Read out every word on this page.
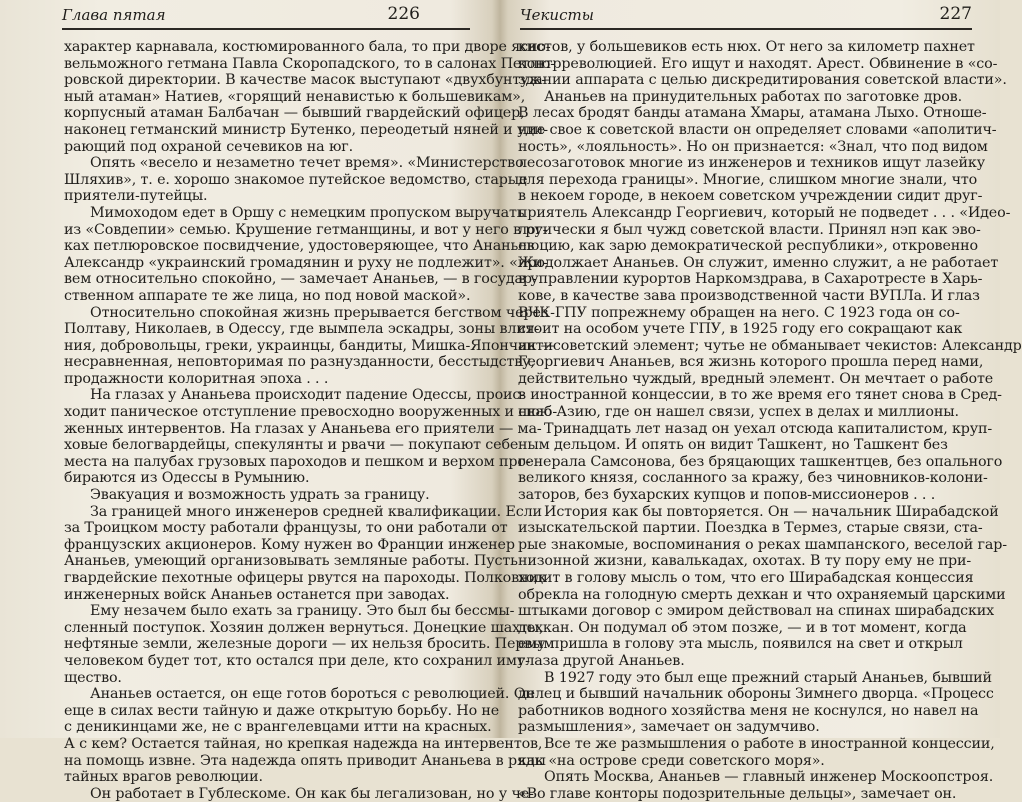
Глава пятая	226
характер карнавала, костюмированного бала, то при дворе ясно-
вельможного гетмана Павла Скоропадского, то в салонах Петлю-
ровской директории. В качестве масок выступают «двухбунтуж-
ный атаман» Натиев, «горящий ненавистью к большевикам»,
корпусный атаман Балбачан — бывший гвардейский офицер,
наконец гетманский министр Бутенко, переодетый няней и уди-
рающий под охраной сечевиков на юг.
Опять «весело и незаметно течет время». «Министерство
Шляхив», т. е. хорошо знакомое путейское ведомство, старые
приятели-путейцы.
Мимоходом едет в Оршу с немецким пропуском выручать
из «Совдепии» семью. Крушение гетманщины, и вот у него в ру-
ках петлюровское посвидчение, удостоверяющее, что Ананьев
Александр «украинский громадянин и руху не подлежит». «Жи-
вем относительно спокойно, — замечает Ананьев, — в государ-
ственном аппарате те же лица, но под новой маской».
Относительно спокойная жизнь прерывается бегством через
Полтаву, Николаев, в Одессу, где вымпела эскадры, зоны влия-
ния, добровольцы, греки, украинцы, бандиты, Мишка-Япончик —
несравненная, неповторимая по разнузданности, бесстыдству,
продажности колоритная эпоха . . .
На глазах у Ананьева происходит падение Одессы, проис-
ходит паническое отступление превосходно вооруженных и снаб-
женных интервентов. На глазах у Ананьева его приятели — ма-
ховые белогвардейцы, спекулянты и рвачи — покупают себе
места на палубах грузовых пароходов и пешком и верхом про-
бираются из Одессы в Румынию.
Эвакуация и возможность удрать за границу.
За границей много инженеров средней квалификации. Если
за Троицком мосту работали французы, то они работали от
французских акционеров. Кому нужен во Франции инженер
Ананьев, умеющий организовывать земляные работы. Пусть
гвардейские пехотные офицеры рвутся на пароходы. Полковник
инженерных войск Ананьев останется при заводах.
Ему незачем было ехать за границу. Это был бы бессмы-
сленный поступок. Хозяин должен вернуться. Донецкие шахты,
нефтяные земли, железные дороги — их нельзя бросить. Первым
человеком будет тот, кто остался при деле, кто сохранил иму-
щество.
Ананьев остается, он еще готов бороться с революцией. Он
еще в силах вести тайную и даже открытую борьбу. Но не
с деникинцами же, не с врангелевцами итти на красных.
А с кем? Остается тайная, но крепкая надежда на интервентов,
на помощь извне. Эта надежда опять приводит Ананьева в ряды
тайных врагов революции.
Он работает в Гублескоме. Он как бы легализован, но у че-
Чекисты	227
кистов, у большевиков есть нюх. От него за километр пахнет
контрреволюцией. Его ищут и находят. Арест. Обвинение в «со-
здании аппарата с целью дискредитирования советской власти».
Ананьев на принудительных работах по заготовке дров.
В лесах бродят банды атамана Хмары, атамана Лыхо. Отноше-
ние свое к советской власти он определяет словами «аполитич-
ность», «лояльность». Но он признается: «Знал, что под видом
лесозаготовок многие из инженеров и техников ищут лазейку
для перехода границы». Многие, слишком многие знали, что
в некоем городе, в некоем советском учреждении сидит друг-
приятель Александр Георгиевич, который не подведет . . . «Идео-
логически я был чужд советской власти. Принял нэп как эво-
люцию, как зарю демократической республики», откровенно
продолжает Ананьев. Он служит, именно служит, а не работает
в управлении курортов Наркомздрава, в Сахаротресте в Харь-
кове, в качестве зава производственной части ВУПЛа. И глаз
ВЧК-ГПУ попрежнему обращен на него. С 1923 года он со-
стоит на особом учете ГПУ, в 1925 году его сокращают как
антисоветский элемент; чутье не обманывает чекистов: Александр
Георгиевич Ананьев, вся жизнь которого прошла перед нами,
действительно чуждый, вредный элемент. Он мечтает о работе
в иностранной концессии, в то же время его тянет снова в Сред-
нюю Азию, где он нашел связи, успех в делах и миллионы.
Тринадцать лет назад он уехал отсюда капиталистом, круп-
ным дельцом. И опять он видит Ташкент, но Ташкент без
генерала Самсонова, без бряцающих ташкентцев, без опального
великого князя, сосланного за кражу, без чиновников-колони-
заторов, без бухарских купцов и попов-миссионеров . . .
История как бы повторяется. Он — начальник Ширабадской
изыскательской партии. Поездка в Термез, старые связи, ста-
рые знакомые, воспоминания о реках шампанского, веселой гар-
низонной жизни, кавалькадах, охотах. В ту пору ему не при-
ходит в голову мысль о том, что его Ширабадская концессия
обрекла на голодную смерть дехкан и что охраняемый царскими
штыками договор с эмиром действовал на спинах ширабадских
дехкан. Он подумал об этом позже, — и в тот момент, когда
ему пришла в голову эта мысль, появился на свет и открыл
глаза другой Ананьев.
В 1927 году это был еще прежний старый Ананьев, бывший
делец и бывший начальник обороны Зимнего дворца. «Процесс
работников водного хозяйства меня не коснулся, но навел на
размышления», замечает он задумчиво.
Все те же размышления о работе в иностранной концессии,
как «на острове среди советского моря».
Опять Москва, Ананьев — главный инженер Москоопстроя.
«Во главе конторы подозрительные дельцы», замечает он.
